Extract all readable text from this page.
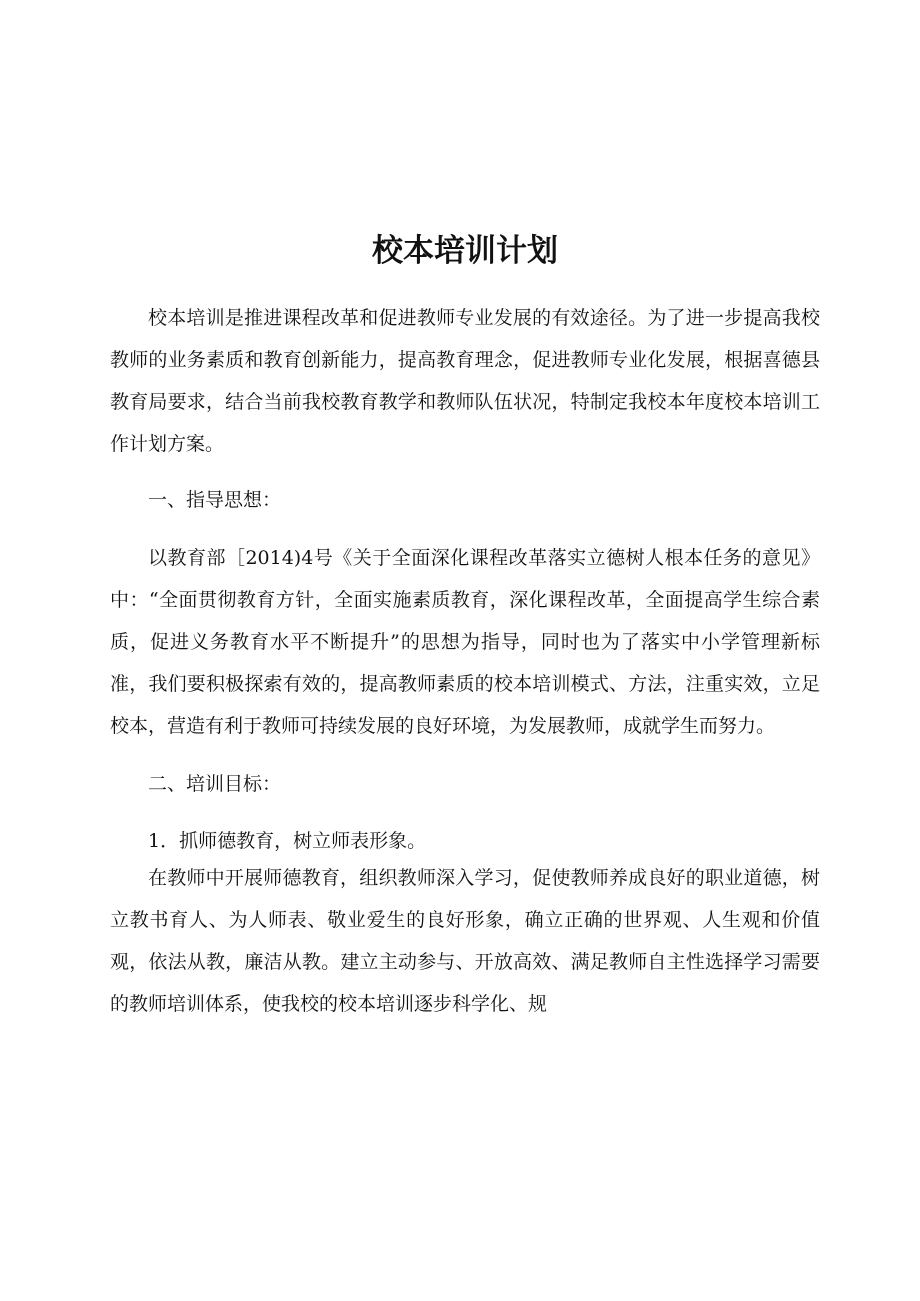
校本培训计划

校本培训是推进课程改革和促进教师专业发展的有效途径。为了进一步提高我校教师的业务素质和教育创新能力，提高教育理念，促进教师专业化发展，根据喜德县教育局要求，结合当前我校教育教学和教师队伍状况，特制定我校本年度校本培训工作计划方案。

一、指导思想：

以教育部［2014)4号《关于全面深化课程改革落实立德树人根本任务的意见》中：“全面贯彻教育方针，全面实施素质教育，深化课程改革，全面提高学生综合素质，促进义务教育水平不断提升”的思想为指导，同时也为了落实中小学管理新标准，我们要积极探索有效的，提高教师素质的校本培训模式、方法，注重实效，立足校本，营造有利于教师可持续发展的良好环境，为发展教师，成就学生而努力。

二、培训目标：

1．抓师德教育，树立师表形象。

在教师中开展师德教育，组织教师深入学习，促使教师养成良好的职业道德，树立教书育人、为人师表、敬业爱生的良好形象，确立正确的世界观、人生观和价值观，依法从教，廉洁从教。建立主动参与、开放高效、满足教师自主性选择学习需要的教师培训体系，使我校的校本培训逐步科学化、规
